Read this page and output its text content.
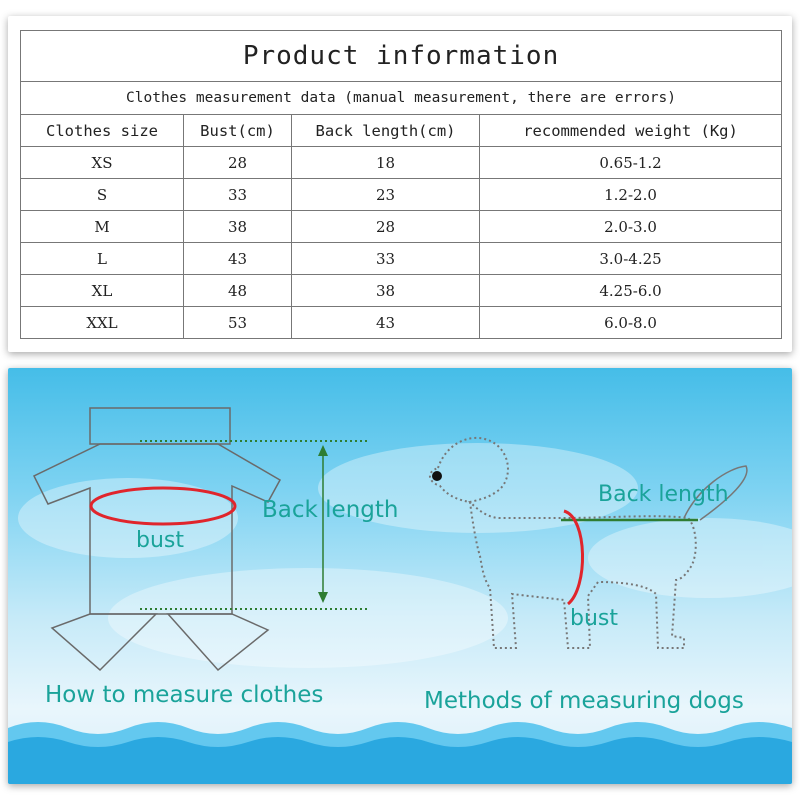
Product information			
Clothes measurement data (manual measurement, there are errors)			
Clothes size	Bust(cm)	Back length(cm)	recommended weight (Kg)
XS	28	18	0.65-1.2
S	33	23	1.2-2.0
M	38	28	2.0-3.0
L	43	33	3.0-4.25
XL	48	38	4.25-6.0
XXL	53	43	6.0-8.0
Back length
bust
How to measure clothes
Back length
bust
Methods of measuring dogs
